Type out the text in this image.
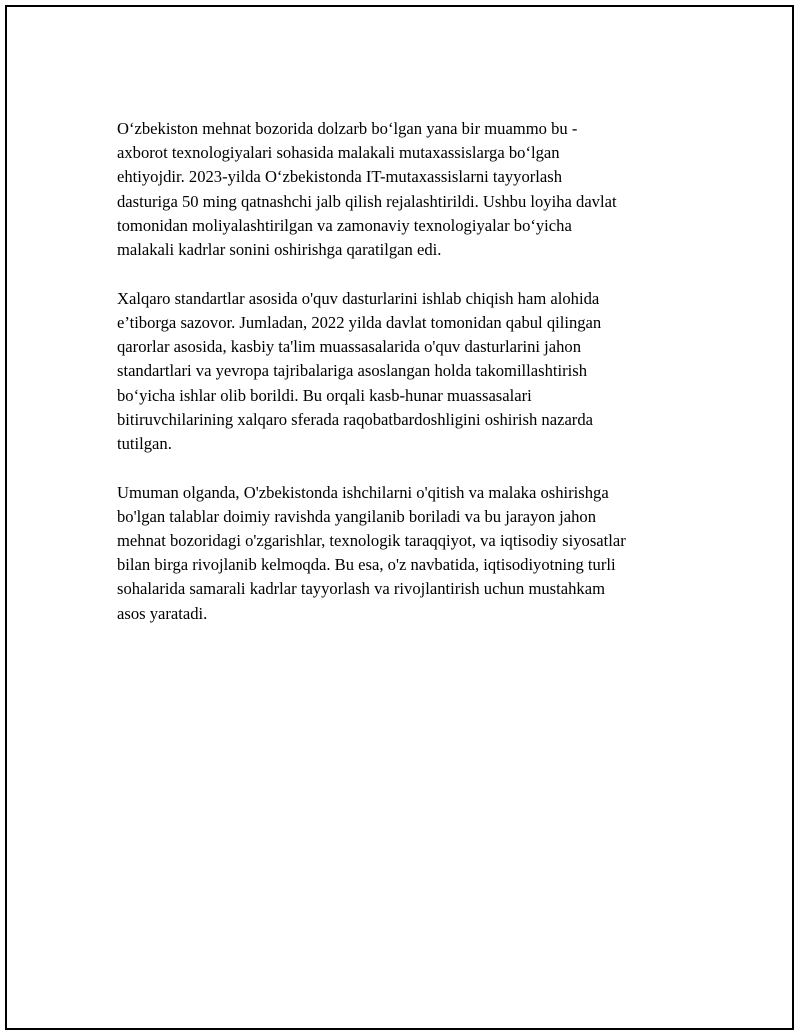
O‘zbekiston mehnat bozorida dolzarb bo‘lgan yana bir muammo bu -
axborot texnologiyalari sohasida malakali mutaxassislarga bo‘lgan
ehtiyojdir. 2023-yilda O‘zbekistonda IT-mutaxassislarni tayyorlash
dasturiga 50 ming qatnashchi jalb qilish rejalashtirildi. Ushbu loyiha davlat
tomonidan moliyalashtirilgan va zamonaviy texnologiyalar bo‘yicha
malakali kadrlar sonini oshirishga qaratilgan edi.

Xalqaro standartlar asosida o'quv dasturlarini ishlab chiqish ham alohida
e’tiborga sazovor. Jumladan, 2022 yilda davlat tomonidan qabul qilingan
qarorlar asosida, kasbiy ta'lim muassasalarida o'quv dasturlarini jahon
standartlari va yevropa tajribalariga asoslangan holda takomillashtirish
bo‘yicha ishlar olib borildi. Bu orqali kasb-hunar muassasalari
bitiruvchilarining xalqaro sferada raqobatbardoshligini oshirish nazarda
tutilgan.

Umuman olganda, O'zbekistonda ishchilarni o'qitish va malaka oshirishga
bo'lgan talablar doimiy ravishda yangilanib boriladi va bu jarayon jahon
mehnat bozoridagi o'zgarishlar, texnologik taraqqiyot, va iqtisodiy siyosatlar
bilan birga rivojlanib kelmoqda. Bu esa, o'z navbatida, iqtisodiyotning turli
sohalarida samarali kadrlar tayyorlash va rivojlantirish uchun mustahkam
asos yaratadi.
